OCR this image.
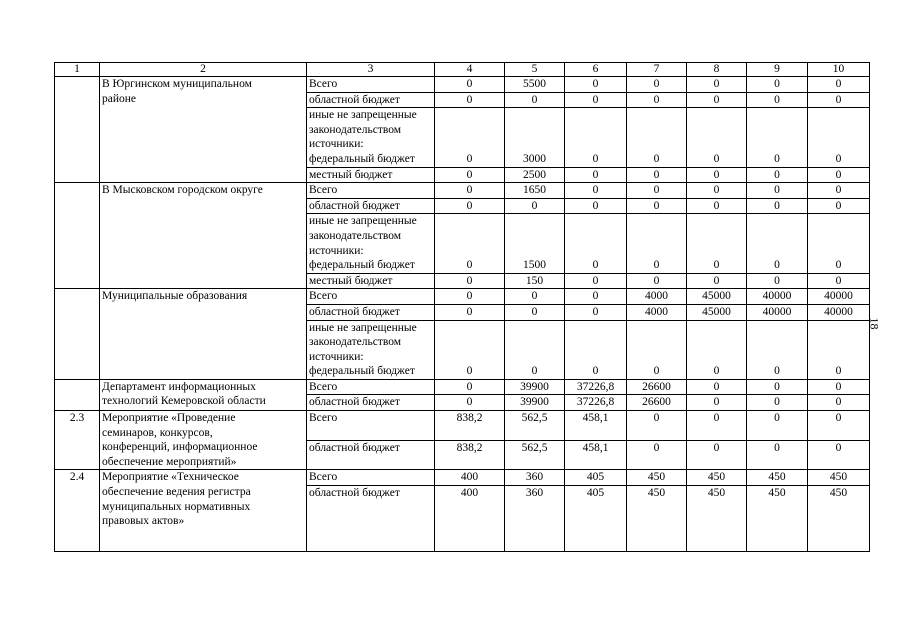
1	2	3	4	5	6	7	8	9	10

	В Юргинском муниципальном
районе	Всего	0	5500	0	0	0	0	0

		областной бюджет	0	0	0	0	0	0	0

		иные не запрещенные
законодательством
источники:
федеральный бюджет	0	3000	0	0	0	0	0

		местный бюджет	0	2500	0	0	0	0	0

	В Мысковском городском округе	Всего	0	1650	0	0	0	0	0

		областной бюджет	0	0	0	0	0	0	0

		иные не запрещенные
законодательством
источники:
федеральный бюджет	0	1500	0	0	0	0	0

		местный бюджет	0	150	0	0	0	0	0

	Муниципальные образования	Всего	0	0	0	4000	45000	40000	40000

		областной бюджет	0	0	0	4000	45000	40000	40000

		иные не запрещенные
законодательством
источники:
федеральный бюджет	0	0	0	0	0	0	0

	Департамент информационных
технологий Кемеровской области	Всего	0	39900	37226,8	26600	0	0	0

		областной бюджет	0	39900	37226,8	26600	0	0	0

2.3	Мероприятие «Проведение
семинаров, конкурсов,
конференций, информационное
обеспечение мероприятий»	Всего	838,2	562,5	458,1	0	0	0	0

		областной бюджет	838,2	562,5	458,1	0	0	0	0

2.4	Мероприятие «Техническое
обеспечение ведения регистра
муниципальных нормативных
правовых актов»	Всего	400	360	405	450	450	450	450

		областной бюджет	400	360	405	450	450	450	450
18
